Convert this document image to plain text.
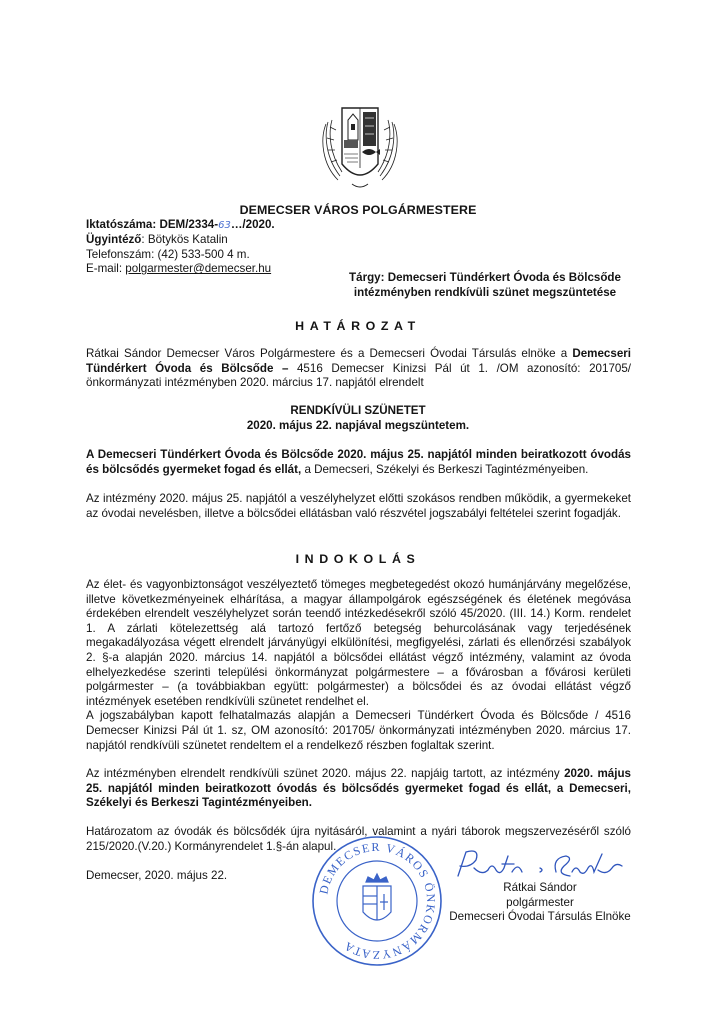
DEMECSER VÁROS POLGÁRMESTERE
Iktatószáma: DEM/2334-63…/2020.
Ügyintéző: Bötykös Katalin
Telefonszám: (42) 533-500 4 m.
E-mail: polgarmester@demecser.hu
Tárgy: Demecseri Tündérkert Óvoda és Bölcsőde
intézményben rendkívüli szünet megszüntetése
HATÁROZAT
Rátkai Sándor Demecser Város Polgármestere és a Demecseri Óvodai Társulás elnöke a Demecseri Tündérkert Óvoda és Bölcsőde – 4516 Demecser Kinizsi Pál út 1. /OM azonosító: 201705/ önkormányzati intézményben 2020. március 17. napjától elrendelt
RENDKÍVÜLI SZÜNETET
2020. május 22. napjával megszüntetem.
A Demecseri Tündérkert Óvoda és Bölcsőde 2020. május 25. napjától minden beiratkozott óvodás és bölcsődés gyermeket fogad és ellát, a Demecseri, Székelyi és Berkeszi Tagintézményeiben.
Az intézmény 2020. május 25. napjától a veszélyhelyzet előtti szokásos rendben működik, a gyermekeket az óvodai nevelésben, illetve a bölcsődei ellátásban való részvétel jogszabályi feltételei szerint fogadják.
INDOKOLÁS
Az élet- és vagyonbiztonságot veszélyeztető tömeges megbetegedést okozó humánjárvány megelőzése, illetve következményeinek elhárítása, a magyar állampolgárok egészségének és életének megóvása érdekében elrendelt veszélyhelyzet során teendő intézkedésekről szóló 45/2020. (III. 14.) Korm. rendelet 1. A zárlati kötelezettség alá tartozó fertőző betegség behurcolásának vagy terjedésének megakadályozása végett elrendelt járványügyi elkülönítési, megfigyelési, zárlati és ellenőrzési szabályok 2. §-a alapján 2020. március 14. napjától a bölcsődei ellátást végző intézmény, valamint az óvoda elhelyezkedése szerinti települési önkormányzat polgármestere – a fővárosban a fővárosi kerületi polgármester – (a továbbiakban együtt: polgármester) a bölcsődei és az óvodai ellátást végző intézmények esetében rendkívüli szünetet rendelhet el.
A jogszabályban kapott felhatalmazás alapján a Demecseri Tündérkert Óvoda és Bölcsőde / 4516 Demecser Kinizsi Pál út 1. sz, OM azonosító: 201705/ önkormányzati intézményben 2020. március 17. napjától rendkívüli szünetet rendeltem el a rendelkező részben foglaltak szerint.
Az intézményben elrendelt rendkívüli szünet 2020. május 22. napjáig tartott, az intézmény 2020. május 25. napjától minden beiratkozott óvodás és bölcsődés gyermeket fogad és ellát, a Demecseri, Székelyi és Berkeszi Tagintézményeiben.
Határozatom az óvodák és bölcsődék újra nyitásáról, valamint a nyári táborok megszervezéséről szóló 215/2020.(V.20.) Kormányrendelet 1.§-án alapul.
Demecser, 2020. május 22.
DEMECSER VÁROS ÖNKORMÁNYZATA
Rátkai Sándor
polgármester
Demecseri Óvodai Társulás Elnöke
